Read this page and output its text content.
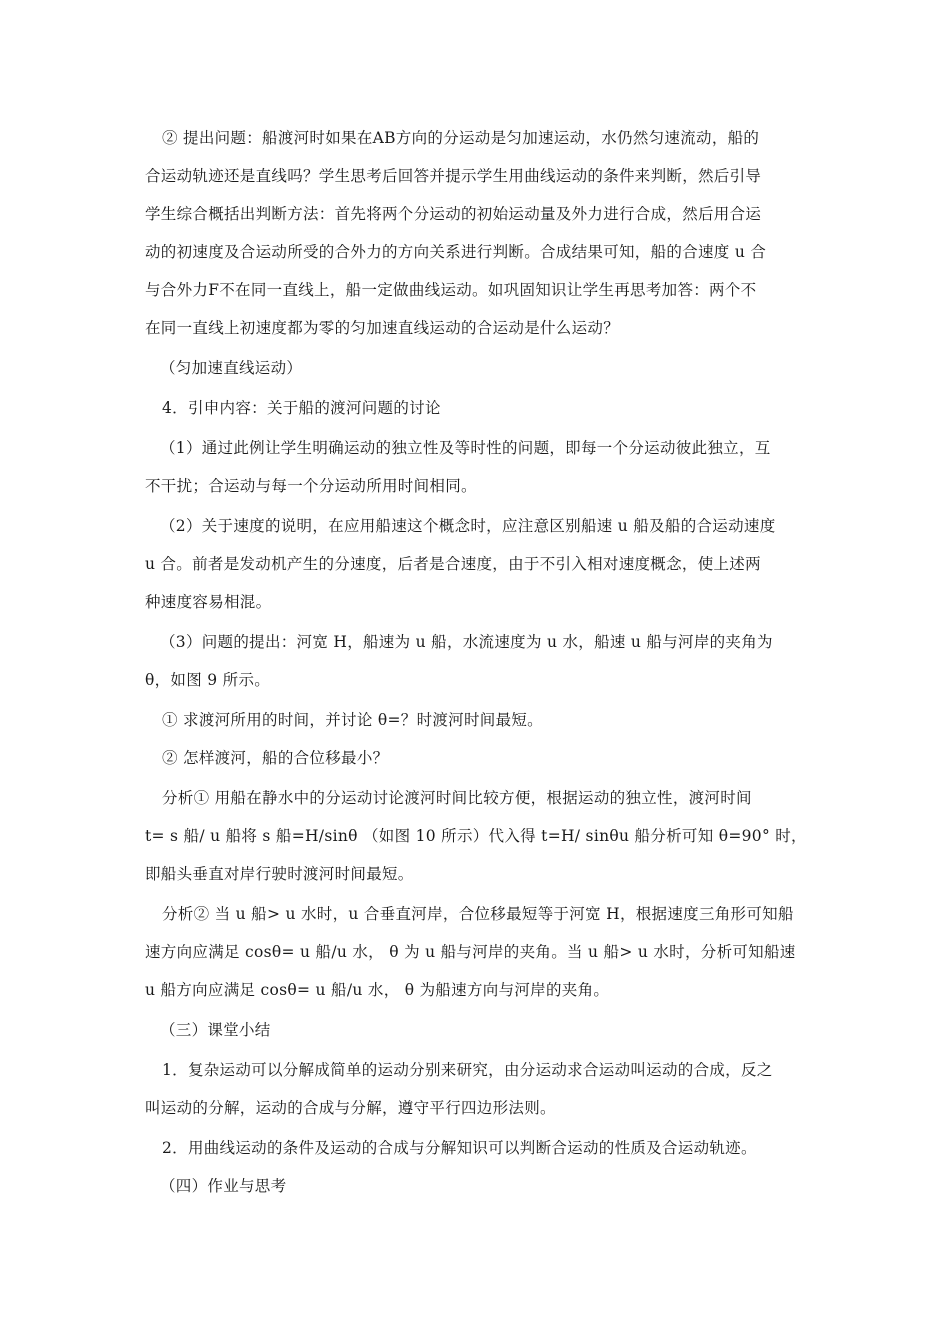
② 提出问题：船渡河时如果在AB方向的分运动是匀加速运动，水仍然匀速流动，船的
合运动轨迹还是直线吗？学生思考后回答并提示学生用曲线运动的条件来判断，然后引导
学生综合概括出判断方法：首先将两个分运动的初始运动量及外力进行合成，然后用合运
动的初速度及合运动所受的合外力的方向关系进行判断。合成结果可知，船的合速度 u 合
与合外力F不在同一直线上，船一定做曲线运动。如巩固知识让学生再思考加答：两个不
在同一直线上初速度都为零的匀加速直线运动的合运动是什么运动？
（匀加速直线运动）
4．引申内容：关于船的渡河问题的讨论
（1）通过此例让学生明确运动的独立性及等时性的问题，即每一个分运动彼此独立，互
不干扰；合运动与每一个分运动所用时间相同。
（2）关于速度的说明，在应用船速这个概念时，应注意区别船速 u 船及船的合运动速度
u 合。前者是发动机产生的分速度，后者是合速度，由于不引入相对速度概念，使上述两
种速度容易相混。
（3）问题的提出：河宽 H，船速为 u 船，水流速度为 u 水，船速 u 船与河岸的夹角为
θ，如图 9 所示。
① 求渡河所用的时间，并讨论 θ=？时渡河时间最短。
② 怎样渡河，船的合位移最小？
分析① 用船在静水中的分运动讨论渡河时间比较方便，根据运动的独立性，渡河时间
t= s 船/ u 船将 s 船=H/sinθ （如图 10 所示）代入得 t=H/ sinθu 船分析可知 θ=90° 时，
即船头垂直对岸行驶时渡河时间最短。
分析② 当 u 船> u 水时，u 合垂直河岸，合位移最短等于河宽 H，根据速度三角形可知船
速方向应满足 cosθ= u 船/u 水， θ 为 u 船与河岸的夹角。当 u 船> u 水时，分析可知船速
u 船方向应满足 cosθ= u 船/u 水， θ 为船速方向与河岸的夹角。
（三）课堂小结
1．复杂运动可以分解成简单的运动分别来研究，由分运动求合运动叫运动的合成，反之
叫运动的分解，运动的合成与分解，遵守平行四边形法则。
2．用曲线运动的条件及运动的合成与分解知识可以判断合运动的性质及合运动轨迹。
（四）作业与思考
